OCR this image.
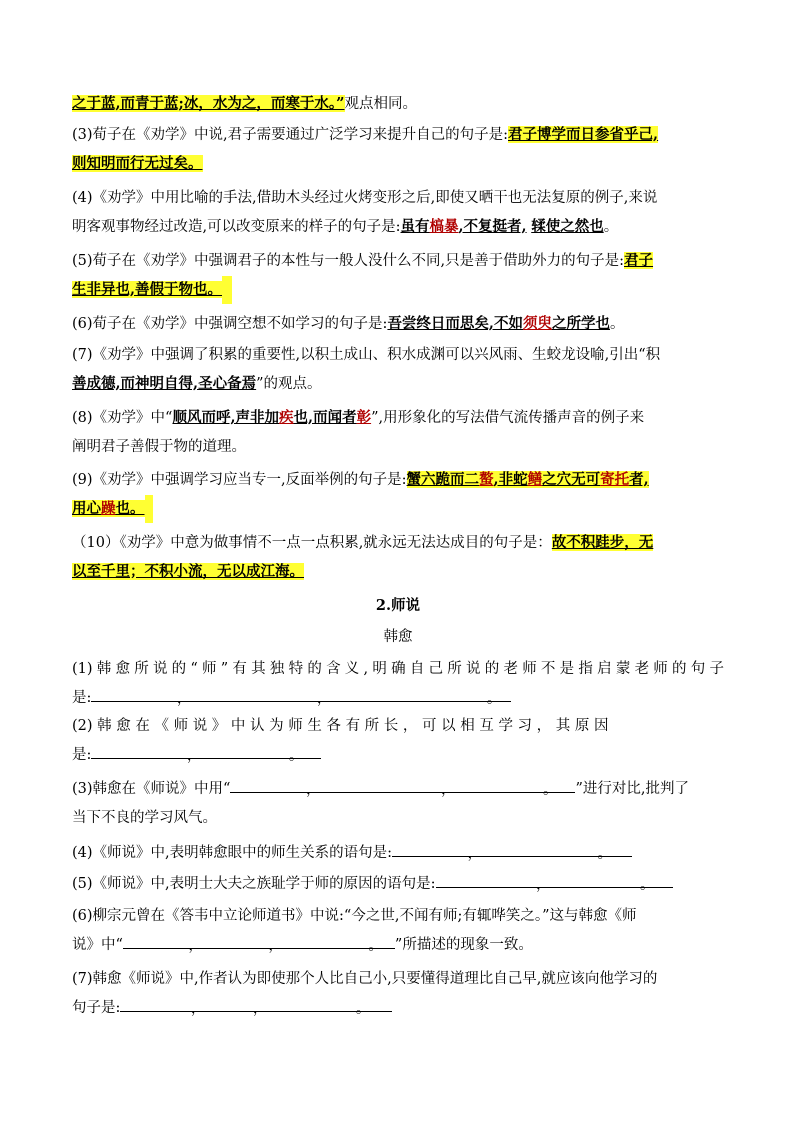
之于蓝,而青于蓝;冰，水为之，而寒于水。”观点相同。
(3)荀子在《劝学》中说,君子需要通过广泛学习来提升自己的句子是:君子博学而日参省乎己,
则知明而行无过矣。
(4)《劝学》中用比喻的手法,借助木头经过火烤变形之后,即使又晒干也无法复原的例子,来说
明客观事物经过改造,可以改变原来的样子的句子是:虽有槁暴,不复挺者, 𫐓使之然也。
(5)荀子在《劝学》中强调君子的本性与一般人没什么不同,只是善于借助外力的句子是:君子
生非异也,善假于物也。
(6)荀子在《劝学》中强调空想不如学习的句子是:吾尝终日而思矣,不如须臾之所学也。
(7)《劝学》中强调了积累的重要性,以积土成山、积水成渊可以兴风雨、生蛟龙设喻,引出“积
善成德,而神明自得,圣心备焉”的观点。
(8)《劝学》中“顺风而呼,声非加疾也,而闻者彰”,用形象化的写法借气流传播声音的例子来
阐明君子善假于物的道理。
(9)《劝学》中强调学习应当专一,反面举例的句子是:蟹六跪而二螯,非蛇鳝之穴无可寄托者,
用心躁也。
（10）《劝学》中意为做事情不一点一点积累,就永远无法达成目的句子是：故不积跬步，无
以至千里；不积小流，无以成江海。
2.师说
韩愈
(1)韩愈所说的“师”有其独特的含义,明确自己所说的老师不是指启蒙老师的句子
是:	，	，	。
(2) 韩 愈 在 《 师 说 》 中 认 为 师 生 各 有 所 长 ， 可 以 相 互 学 习 ， 其 原 因
是:	，	。
(3)韩愈在《师说》中用“	，	，	。 ”进行对比,批判了
当下不良的学习风气。
(4)《师说》中,表明韩愈眼中的师生关系的语句是:	，	。
(5)《师说》中,表明士大夫之族耻学于师的原因的语句是:	，	。
(6)柳宗元曾在《答韦中立论师道书》中说:“今之世,不闻有师;有辄哗笑之。”这与韩愈《师
说》中“	，	，	。 ”所描述的现象一致。
(7)韩愈《师说》中,作者认为即使那个人比自己小,只要懂得道理比自己早,就应该向他学习的
句子是:	，	，	。
